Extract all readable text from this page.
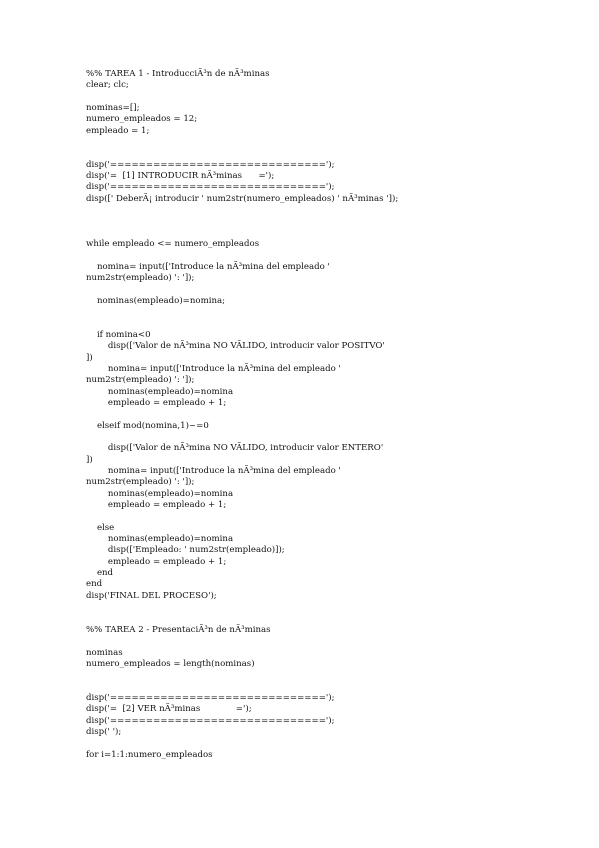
%% TAREA 1 - IntroducciÃ³n de nÃ³minas
clear; clc;
nominas=[];
numero_empleados = 12;
empleado = 1;
disp('==============================');
disp('=  [1] INTRODUCIR nÃ³minas      =');
disp('==============================');
disp([' DeberÃ¡ introducir ' num2str(numero_empleados) ' nÃ³minas ']);
while empleado <= numero_empleados
nomina= input(['Introduce la nÃ³mina del empleado '
num2str(empleado) ': ']);
nominas(empleado)=nomina;
if nomina<0
disp(['Valor de nÃ³mina NO VÃLIDO, introducir valor POSITVO'
])
nomina= input(['Introduce la nÃ³mina del empleado '
num2str(empleado) ': ']);
nominas(empleado)=nomina
empleado = empleado + 1;
elseif mod(nomina,1)~=0
disp(['Valor de nÃ³mina NO VÃLIDO, introducir valor ENTERO'
])
nomina= input(['Introduce la nÃ³mina del empleado '
num2str(empleado) ': ']);
nominas(empleado)=nomina
empleado = empleado + 1;
else
nominas(empleado)=nomina
disp(['Empleado: ' num2str(empleado)]);
empleado = empleado + 1;
end
end
disp('FINAL DEL PROCESO');
%% TAREA 2 - PresentaciÃ³n de nÃ³minas
nominas
numero_empleados = length(nominas)
disp('==============================');
disp('=  [2] VER nÃ³minas             =');
disp('==============================');
disp(' ');
for i=1:1:numero_empleados
